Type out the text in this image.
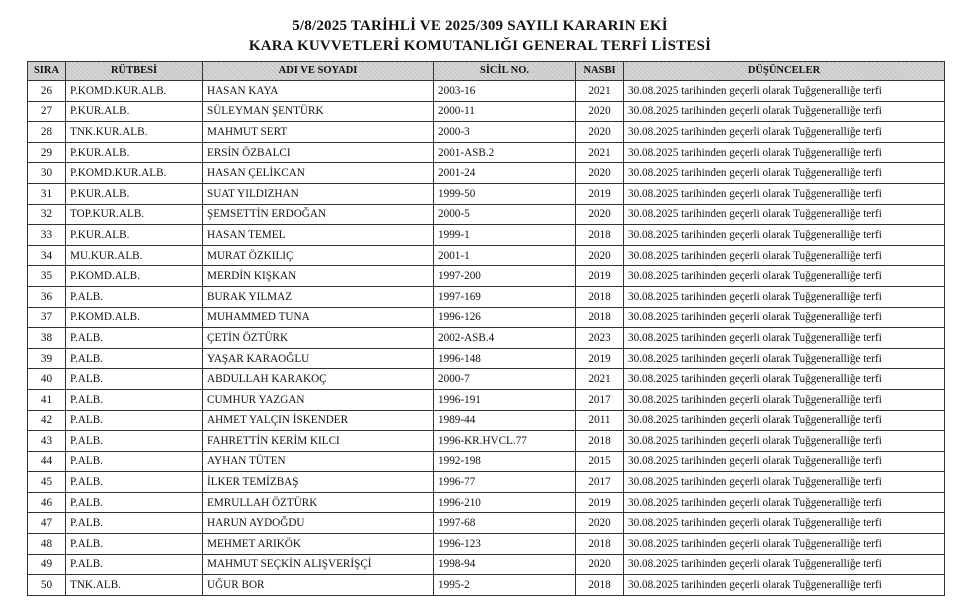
5/8/2025 TARİHLİ VE 2025/309 SAYILI KARARIN EKİ
KARA KUVVETLERİ KOMUTANLIĞI GENERAL TERFİ LİSTESİ
SIRA	RÜTBESİ	ADI VE SOYADI	SİCİL NO.	NASBI	DÜŞÜNCELER
26	P.KOMD.KUR.ALB.	HASAN KAYA	2003-16	2021	30.08.2025 tarihinden geçerli olarak Tuğgeneralliğe terfi
27	P.KUR.ALB.	SÜLEYMAN ŞENTÜRK	2000-11	2020	30.08.2025 tarihinden geçerli olarak Tuğgeneralliğe terfi
28	TNK.KUR.ALB.	MAHMUT SERT	2000-3	2020	30.08.2025 tarihinden geçerli olarak Tuğgeneralliğe terfi
29	P.KUR.ALB.	ERSİN ÖZBALCI	2001-ASB.2	2021	30.08.2025 tarihinden geçerli olarak Tuğgeneralliğe terfi
30	P.KOMD.KUR.ALB.	HASAN ÇELİKCAN	2001-24	2020	30.08.2025 tarihinden geçerli olarak Tuğgeneralliğe terfi
31	P.KUR.ALB.	SUAT YILDIZHAN	1999-50	2019	30.08.2025 tarihinden geçerli olarak Tuğgeneralliğe terfi
32	TOP.KUR.ALB.	ŞEMSETTİN ERDOĞAN	2000-5	2020	30.08.2025 tarihinden geçerli olarak Tuğgeneralliğe terfi
33	P.KUR.ALB.	HASAN TEMEL	1999-1	2018	30.08.2025 tarihinden geçerli olarak Tuğgeneralliğe terfi
34	MU.KUR.ALB.	MURAT ÖZKILIÇ	2001-1	2020	30.08.2025 tarihinden geçerli olarak Tuğgeneralliğe terfi
35	P.KOMD.ALB.	MERDİN KIŞKAN	1997-200	2019	30.08.2025 tarihinden geçerli olarak Tuğgeneralliğe terfi
36	P.ALB.	BURAK YILMAZ	1997-169	2018	30.08.2025 tarihinden geçerli olarak Tuğgeneralliğe terfi
37	P.KOMD.ALB.	MUHAMMED TUNA	1996-126	2018	30.08.2025 tarihinden geçerli olarak Tuğgeneralliğe terfi
38	P.ALB.	ÇETİN ÖZTÜRK	2002-ASB.4	2023	30.08.2025 tarihinden geçerli olarak Tuğgeneralliğe terfi
39	P.ALB.	YAŞAR KARAOĞLU	1996-148	2019	30.08.2025 tarihinden geçerli olarak Tuğgeneralliğe terfi
40	P.ALB.	ABDULLAH KARAKOÇ	2000-7	2021	30.08.2025 tarihinden geçerli olarak Tuğgeneralliğe terfi
41	P.ALB.	CUMHUR YAZGAN	1996-191	2017	30.08.2025 tarihinden geçerli olarak Tuğgeneralliğe terfi
42	P.ALB.	AHMET YALÇIN İSKENDER	1989-44	2011	30.08.2025 tarihinden geçerli olarak Tuğgeneralliğe terfi
43	P.ALB.	FAHRETTİN KERİM KILCI	1996-KR.HVCL.77	2018	30.08.2025 tarihinden geçerli olarak Tuğgeneralliğe terfi
44	P.ALB.	AYHAN TÜTEN	1992-198	2015	30.08.2025 tarihinden geçerli olarak Tuğgeneralliğe terfi
45	P.ALB.	İLKER TEMİZBAŞ	1996-77	2017	30.08.2025 tarihinden geçerli olarak Tuğgeneralliğe terfi
46	P.ALB.	EMRULLAH ÖZTÜRK	1996-210	2019	30.08.2025 tarihinden geçerli olarak Tuğgeneralliğe terfi
47	P.ALB.	HARUN AYDOĞDU	1997-68	2020	30.08.2025 tarihinden geçerli olarak Tuğgeneralliğe terfi
48	P.ALB.	MEHMET ARIKÖK	1996-123	2018	30.08.2025 tarihinden geçerli olarak Tuğgeneralliğe terfi
49	P.ALB.	MAHMUT SEÇKİN ALIŞVERİŞÇİ	1998-94	2020	30.08.2025 tarihinden geçerli olarak Tuğgeneralliğe terfi
50	TNK.ALB.	UĞUR BOR	1995-2	2018	30.08.2025 tarihinden geçerli olarak Tuğgeneralliğe terfi
